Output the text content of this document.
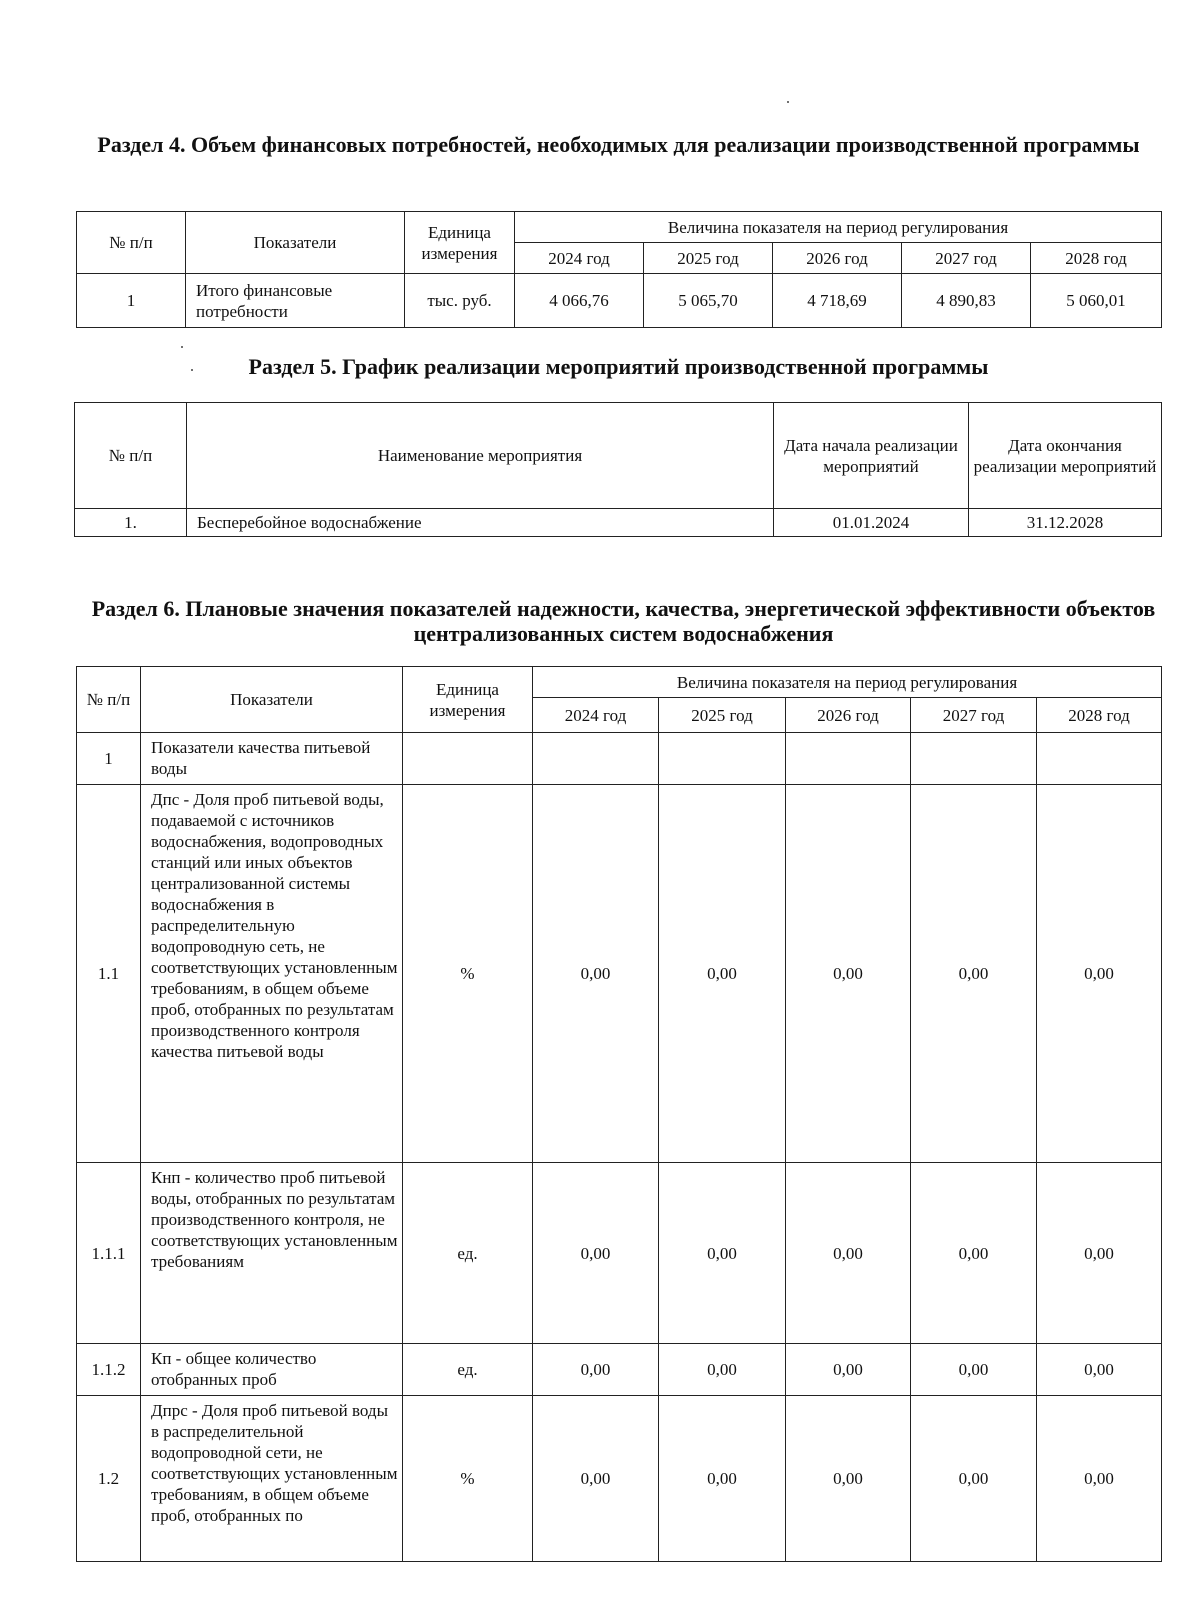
Раздел 4. Объем финансовых потребностей, необходимых для реализации производственной программы
№ п/п	Показатели	Единица измерения	Величина показателя на период регулирования				
			2024 год	2025 год	2026 год	2027 год	2028 год
1	Итого финансовые потребности	тыс. руб.	4 066,76	5 065,70	4 718,69	4 890,83	5 060,01
Раздел 5. График реализации мероприятий производственной программы
№ п/п	Наименование мероприятия	Дата начала реализации мероприятий	Дата окончания реализации мероприятий
1.	Бесперебойное водоснабжение	01.01.2024	31.12.2028
Раздел 6. Плановые значения показателей надежности, качества, энергетической эффективности объектов централизованных систем водоснабжения
№ п/п	Показатели	Единица измерения	Величина показателя на период регулирования				
			2024 год	2025 год	2026 год	2027 год	2028 год
1	Показатели качества питьевой воды						
1.1	Дпс - Доля проб питьевой воды, подаваемой с источников водоснабжения, водопроводных станций или иных объектов централизованной системы водоснабжения в распределительную водопроводную сеть, не соответствующих установленным требованиям, в общем объеме проб, отобранных по результатам производственного контроля качества питьевой воды	%	0,00	0,00	0,00	0,00	0,00
1.1.1	Кнп - количество проб питьевой воды, отобранных по результатам производственного контроля, не соответствующих установленным требованиям	ед.	0,00	0,00	0,00	0,00	0,00
1.1.2	Кп - общее количество отобранных проб	ед.	0,00	0,00	0,00	0,00	0,00
1.2	Дпрс - Доля проб питьевой воды в распределительной водопроводной сети, не соответствующих установленным требованиям, в общем объеме проб, отобранных по	%	0,00	0,00	0,00	0,00	0,00
